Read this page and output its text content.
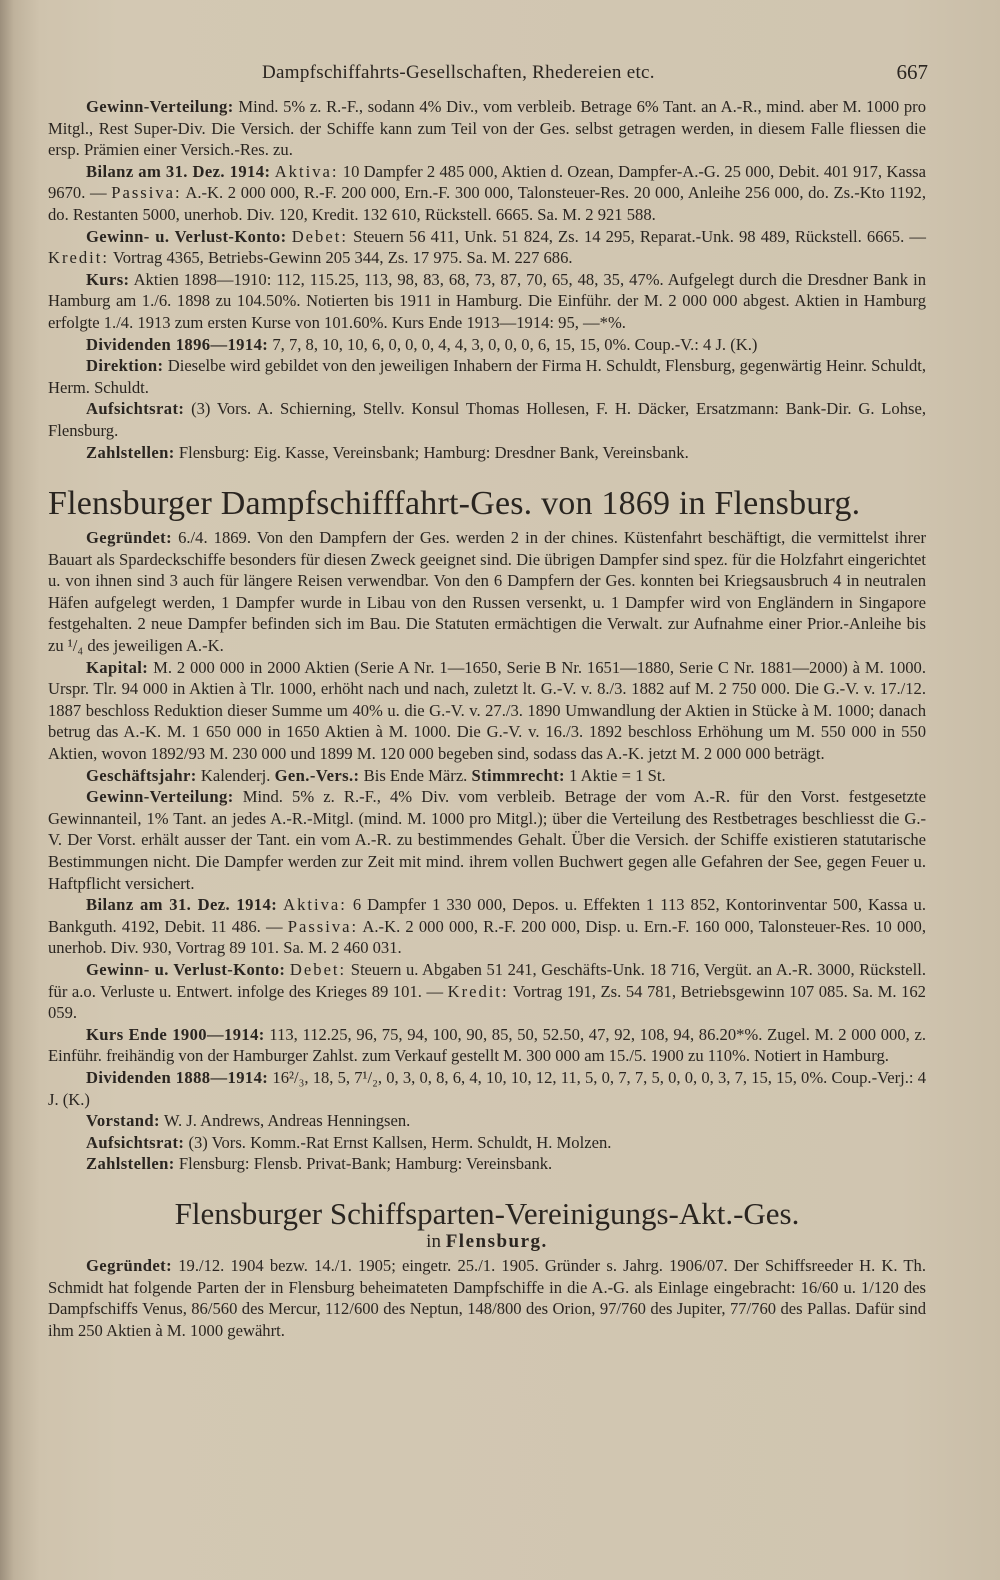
Dampfschiffahrts-Gesellschaften, Rhedereien etc.	667

Gewinn-Verteilung: Mind. 5% z. R.-F., sodann 4% Div., vom verbleib. Betrage 6% Tant. an A.-R., mind. aber M. 1000 pro Mitgl., Rest Super-Div. Die Versich. der Schiffe kann zum Teil von der Ges. selbst getragen werden, in diesem Falle fliessen die ersp. Prämien einer Versich.-Res. zu.

Bilanz am 31. Dez. 1914: Aktiva: 10 Dampfer 2 485 000, Aktien d. Ozean, Dampfer-A.-G. 25 000, Debit. 401 917, Kassa 9670. — Passiva: A.-K. 2 000 000, R.-F. 200 000, Ern.-F. 300 000, Talonsteuer-Res. 20 000, Anleihe 256 000, do. Zs.-Kto 1192, do. Restanten 5000, unerhob. Div. 120, Kredit. 132 610, Rückstell. 6665. Sa. M. 2 921 588.

Gewinn- u. Verlust-Konto: Debet: Steuern 56 411, Unk. 51 824, Zs. 14 295, Reparat.-Unk. 98 489, Rückstell. 6665. — Kredit: Vortrag 4365, Betriebs-Gewinn 205 344, Zs. 17 975. Sa. M. 227 686.

Kurs: Aktien 1898—1910: 112, 115.25, 113, 98, 83, 68, 73, 87, 70, 65, 48, 35, 47%. Aufgelegt durch die Dresdner Bank in Hamburg am 1./6. 1898 zu 104.50%. Notierten bis 1911 in Hamburg. Die Einführ. der M. 2 000 000 abgest. Aktien in Hamburg erfolgte 1./4. 1913 zum ersten Kurse von 101.60%. Kurs Ende 1913—1914: 95, —*%.

Dividenden 1896—1914: 7, 7, 8, 10, 10, 6, 0, 0, 0, 4, 4, 3, 0, 0, 0, 6, 15, 15, 0%. Coup.-V.: 4 J. (K.)

Direktion: Dieselbe wird gebildet von den jeweiligen Inhabern der Firma H. Schuldt, Flensburg, gegenwärtig Heinr. Schuldt, Herm. Schuldt.

Aufsichtsrat: (3) Vors. A. Schierning, Stellv. Konsul Thomas Hollesen, F. H. Däcker, Ersatzmann: Bank-Dir. G. Lohse, Flensburg.

Zahlstellen: Flensburg: Eig. Kasse, Vereinsbank; Hamburg: Dresdner Bank, Vereinsbank.

Flensburger Dampfschifffahrt-Ges. von 1869 in Flensburg.

Gegründet: 6./4. 1869. Von den Dampfern der Ges. werden 2 in der chines. Küstenfahrt beschäftigt, die vermittelst ihrer Bauart als Spardeckschiffe besonders für diesen Zweck geeignet sind. Die übrigen Dampfer sind spez. für die Holzfahrt eingerichtet u. von ihnen sind 3 auch für längere Reisen verwendbar. Von den 6 Dampfern der Ges. konnten bei Kriegsausbruch 4 in neutralen Häfen aufgelegt werden, 1 Dampfer wurde in Libau von den Russen versenkt, u. 1 Dampfer wird von Engländern in Singapore festgehalten. 2 neue Dampfer befinden sich im Bau. Die Statuten ermächtigen die Verwalt. zur Aufnahme einer Prior.-Anleihe bis zu ¹/₄ des jeweiligen A.-K.

Kapital: M. 2 000 000 in 2000 Aktien (Serie A Nr. 1—1650, Serie B Nr. 1651—1880, Serie C Nr. 1881—2000) à M. 1000. Urspr. Tlr. 94 000 in Aktien à Tlr. 1000, erhöht nach und nach, zuletzt lt. G.-V. v. 8./3. 1882 auf M. 2 750 000. Die G.-V. v. 17./12. 1887 beschloss Reduktion dieser Summe um 40% u. die G.-V. v. 27./3. 1890 Umwandlung der Aktien in Stücke à M. 1000; danach betrug das A.-K. M. 1 650 000 in 1650 Aktien à M. 1000. Die G.-V. v. 16./3. 1892 beschloss Erhöhung um M. 550 000 in 550 Aktien, wovon 1892/93 M. 230 000 und 1899 M. 120 000 begeben sind, sodass das A.-K. jetzt M. 2 000 000 beträgt.

Geschäftsjahr: Kalenderj. Gen.-Vers.: Bis Ende März. Stimmrecht: 1 Aktie = 1 St.

Gewinn-Verteilung: Mind. 5% z. R.-F., 4% Div. vom verbleib. Betrage der vom A.-R. für den Vorst. festgesetzte Gewinnanteil, 1% Tant. an jedes A.-R.-Mitgl. (mind. M. 1000 pro Mitgl.); über die Verteilung des Restbetrages beschliesst die G.-V. Der Vorst. erhält ausser der Tant. ein vom A.-R. zu bestimmendes Gehalt. Über die Versich. der Schiffe existieren statutarische Bestimmungen nicht. Die Dampfer werden zur Zeit mit mind. ihrem vollen Buchwert gegen alle Gefahren der See, gegen Feuer u. Haftpflicht versichert.

Bilanz am 31. Dez. 1914: Aktiva: 6 Dampfer 1 330 000, Depos. u. Effekten 1 113 852, Kontorinventar 500, Kassa u. Bankguth. 4192, Debit. 11 486. — Passiva: A.-K. 2 000 000, R.-F. 200 000, Disp. u. Ern.-F. 160 000, Talonsteuer-Res. 10 000, unerhob. Div. 930, Vortrag 89 101. Sa. M. 2 460 031.

Gewinn- u. Verlust-Konto: Debet: Steuern u. Abgaben 51 241, Geschäfts-Unk. 18 716, Vergüt. an A.-R. 3000, Rückstell. für a.o. Verluste u. Entwert. infolge des Krieges 89 101. — Kredit: Vortrag 191, Zs. 54 781, Betriebsgewinn 107 085. Sa. M. 162 059.

Kurs Ende 1900—1914: 113, 112.25, 96, 75, 94, 100, 90, 85, 50, 52.50, 47, 92, 108, 94, 86.20*%. Zugel. M. 2 000 000, z. Einführ. freihändig von der Hamburger Zahlst. zum Verkauf gestellt M. 300 000 am 15./5. 1900 zu 110%. Notiert in Hamburg.

Dividenden 1888—1914: 16²/₃, 18, 5, 7¹/₂, 0, 3, 0, 8, 6, 4, 10, 10, 12, 11, 5, 0, 7, 7, 5, 0, 0, 0, 3, 7, 15, 15, 0%. Coup.-Verj.: 4 J. (K.)

Vorstand: W. J. Andrews, Andreas Henningsen.

Aufsichtsrat: (3) Vors. Komm.-Rat Ernst Kallsen, Herm. Schuldt, H. Molzen.

Zahlstellen: Flensburg: Flensb. Privat-Bank; Hamburg: Vereinsbank.

Flensburger Schiffsparten-Vereinigungs-Akt.-Ges.
in Flensburg.

Gegründet: 19./12. 1904 bezw. 14./1. 1905; eingetr. 25./1. 1905. Gründer s. Jahrg. 1906/07. Der Schiffsreeder H. K. Th. Schmidt hat folgende Parten der in Flensburg beheimateten Dampfschiffe in die A.-G. als Einlage eingebracht: 16/60 u. 1/120 des Dampfschiffs Venus, 86/560 des Mercur, 112/600 des Neptun, 148/800 des Orion, 97/760 des Jupiter, 77/760 des Pallas. Dafür sind ihm 250 Aktien à M. 1000 gewährt.
